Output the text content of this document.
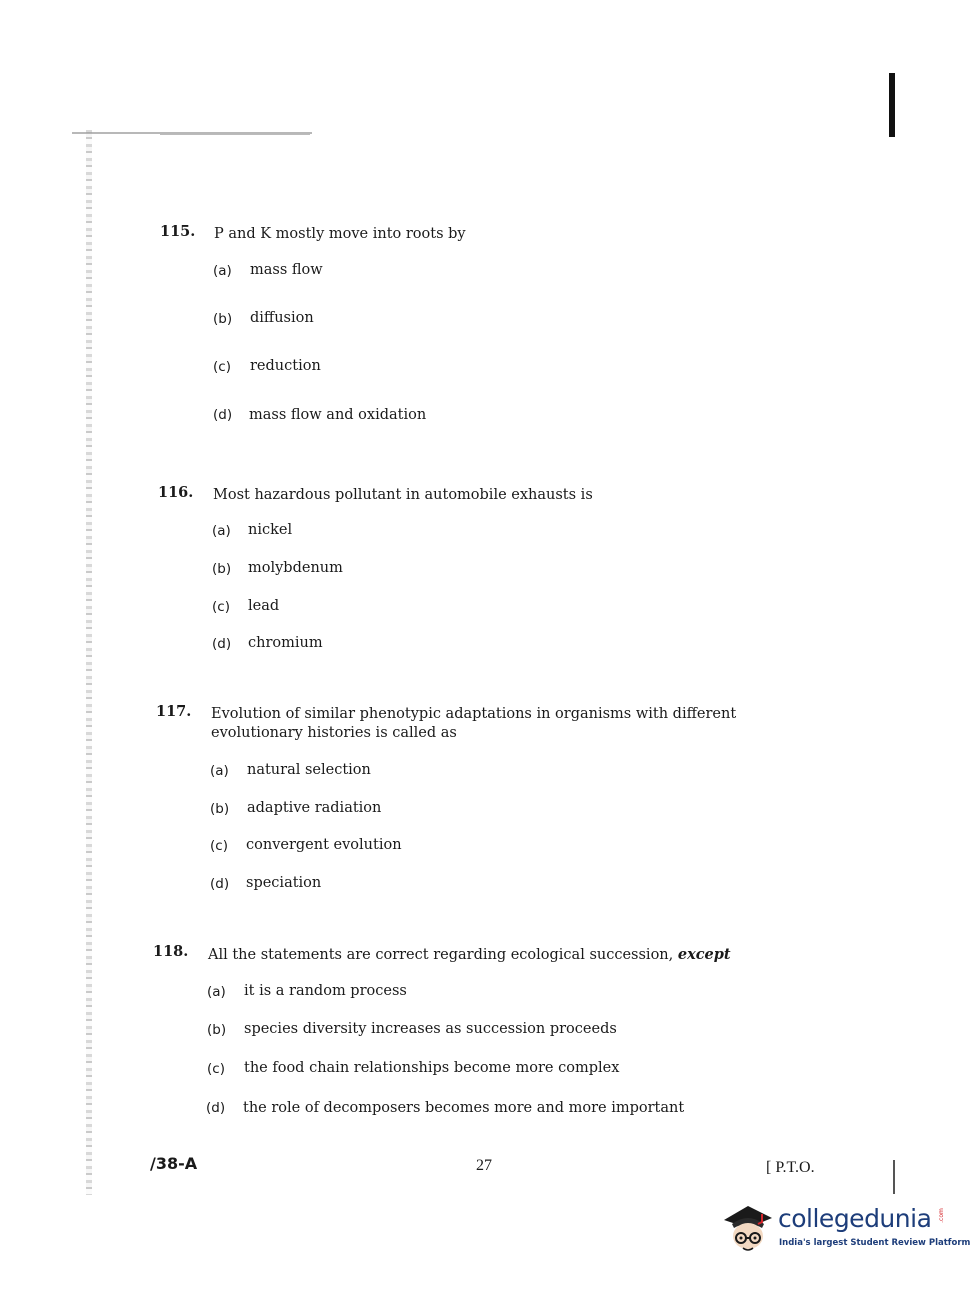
115. P and K mostly move into roots by
(a) mass flow
(b) diffusion
(c) reduction
(d) mass flow and oxidation
116. Most hazardous pollutant in automobile exhausts is
(a) nickel
(b) molybdenum
(c) lead
(d) chromium
117. Evolution of similar phenotypic adaptations in organisms with different evolutionary histories is called as
(a) natural selection
(b) adaptive radiation
(c) convergent evolution
(d) speciation
118. All the statements are correct regarding ecological succession, except
(a) it is a random process
(b) species diversity increases as succession proceeds
(c) the food chain relationships become more complex
(d) the role of decomposers becomes more and more important
/38-A	27	[ P.T.O.
collegedunia .com
India's largest Student Review Platform
